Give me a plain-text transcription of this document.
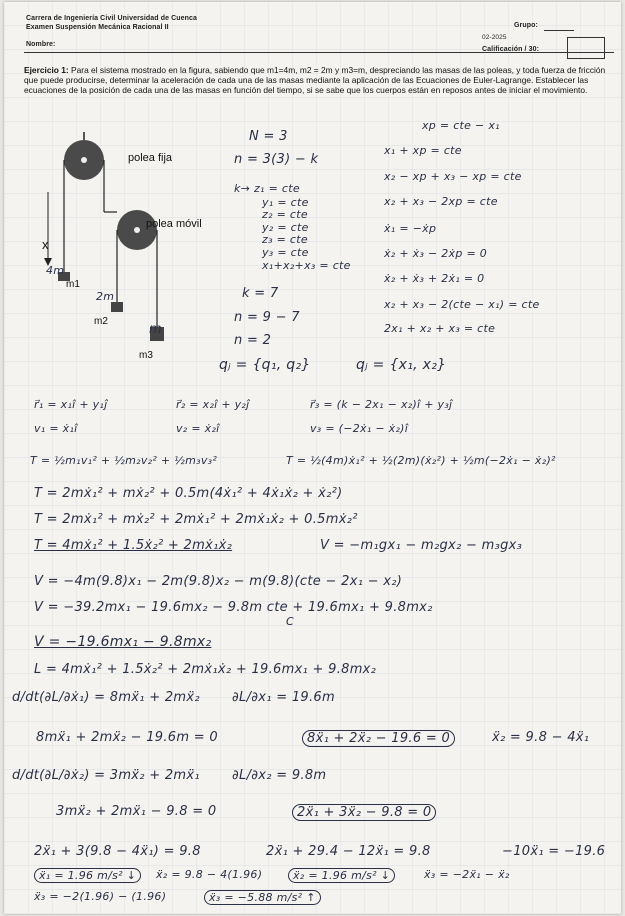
Carrera de Ingeniería Civil Universidad de Cuenca
Examen Suspensión Mecánica Racional II
Nombre:
Grupo:
02-2025
Calificación / 30:
Ejercicio 1: Para el sistema mostrado en la figura, sabiendo que m1=4m, m2 = 2m y m3=m, despreciando las masas de las poleas, y toda fuerza de fricción que puede producirse, determinar la aceleración de cada una de las masas mediante la aplicación de las Ecuaciones de Euler-Lagrange. Establecer las ecuaciones de la posición de cada una de las masas en función del tiempo, si se sabe que los cuerpos están en reposos antes de iniciar el movimiento.
polea fija
polea móvil
x
m1
m2
m3
4m
2m
m
N = 3
n = 3(3) − k
k→ z₁ = cte
y₁ = cte
z₂ = cte
y₂ = cte
z₃ = cte
y₃ = cte
x₁+x₂+x₃ = cte
xp = cte − x₁
x₁ + xp = cte
x₂ − xp + x₃ − xp = cte
x₂ + x₃ − 2xp = cte
ẋ₁ = −ẋp
ẋ₂ + ẋ₃ − 2ẋp = 0
ẋ₂ + ẋ₃ + 2ẋ₁ = 0
x₂ + x₃ − 2(cte − x₁) = cte
2x₁ + x₂ + x₃ = cte
k = 7
n = 9 − 7
n = 2
qⱼ = {q₁, q₂}	qⱼ = {x₁, x₂}
r⃗₁ = x₁î + y₁ĵ	r⃗₂ = x₂î + y₂ĵ	r⃗₃ = (k − 2x₁ − x₂)î + y₃ĵ
v₁ = ẋ₁î	v₂ = ẋ₂î	v₃ = (−2ẋ₁ − ẋ₂)î
T = ½m₁v₁² + ½m₂v₂² + ½m₃v₃²	T = ½(4m)ẋ₁² + ½(2m)(ẋ₂²) + ½m(−2ẋ₁ − ẋ₂)²
T = 2mẋ₁² + mẋ₂² + 0.5m(4ẋ₁² + 4ẋ₁ẋ₂ + ẋ₂²)
T = 2mẋ₁² + mẋ₂² + 2mẋ₁² + 2mẋ₁ẋ₂ + 0.5mẋ₂²
T = 4mẋ₁² + 1.5ẋ₂² + 2mẋ₁ẋ₂	V = −m₁gx₁ − m₂gx₂ − m₃gx₃
V = −4m(9.8)x₁ − 2m(9.8)x₂ − m(9.8)(cte − 2x₁ − x₂)
V = −39.2mx₁ − 19.6mx₂ − 9.8m cte + 19.6mx₁ + 9.8mx₂
C
V = −19.6mx₁ − 9.8mx₂
L = 4mẋ₁² + 1.5ẋ₂² + 2mẋ₁ẋ₂ + 19.6mx₁ + 9.8mx₂
d/dt(∂L/∂ẋ₁) = 8mẍ₁ + 2mẍ₂ ∂L/∂x₁ = 19.6m
8mẍ₁ + 2mẍ₂ − 19.6m = 0	8ẍ₁ + 2ẍ₂ − 19.6 = 0	ẍ₂ = 9.8 − 4ẍ₁
d/dt(∂L/∂ẋ₂) = 3mẍ₂ + 2mẍ₁ ∂L/∂x₂ = 9.8m
3mẍ₂ + 2mẍ₁ − 9.8 = 0	2ẍ₁ + 3ẍ₂ − 9.8 = 0
2ẍ₁ + 3(9.8 − 4ẍ₁) = 9.8	2ẍ₁ + 29.4 − 12ẍ₁ = 9.8	−10ẍ₁ = −19.6
ẍ₁ = 1.96 m/s² ↓	ẍ₂ = 9.8 − 4(1.96)	ẍ₂ = 1.96 m/s² ↓	ẍ₃ = −2ẍ₁ − ẍ₂
ẍ₃ = −2(1.96) − (1.96)	ẍ₃ = −5.88 m/s² ↑
